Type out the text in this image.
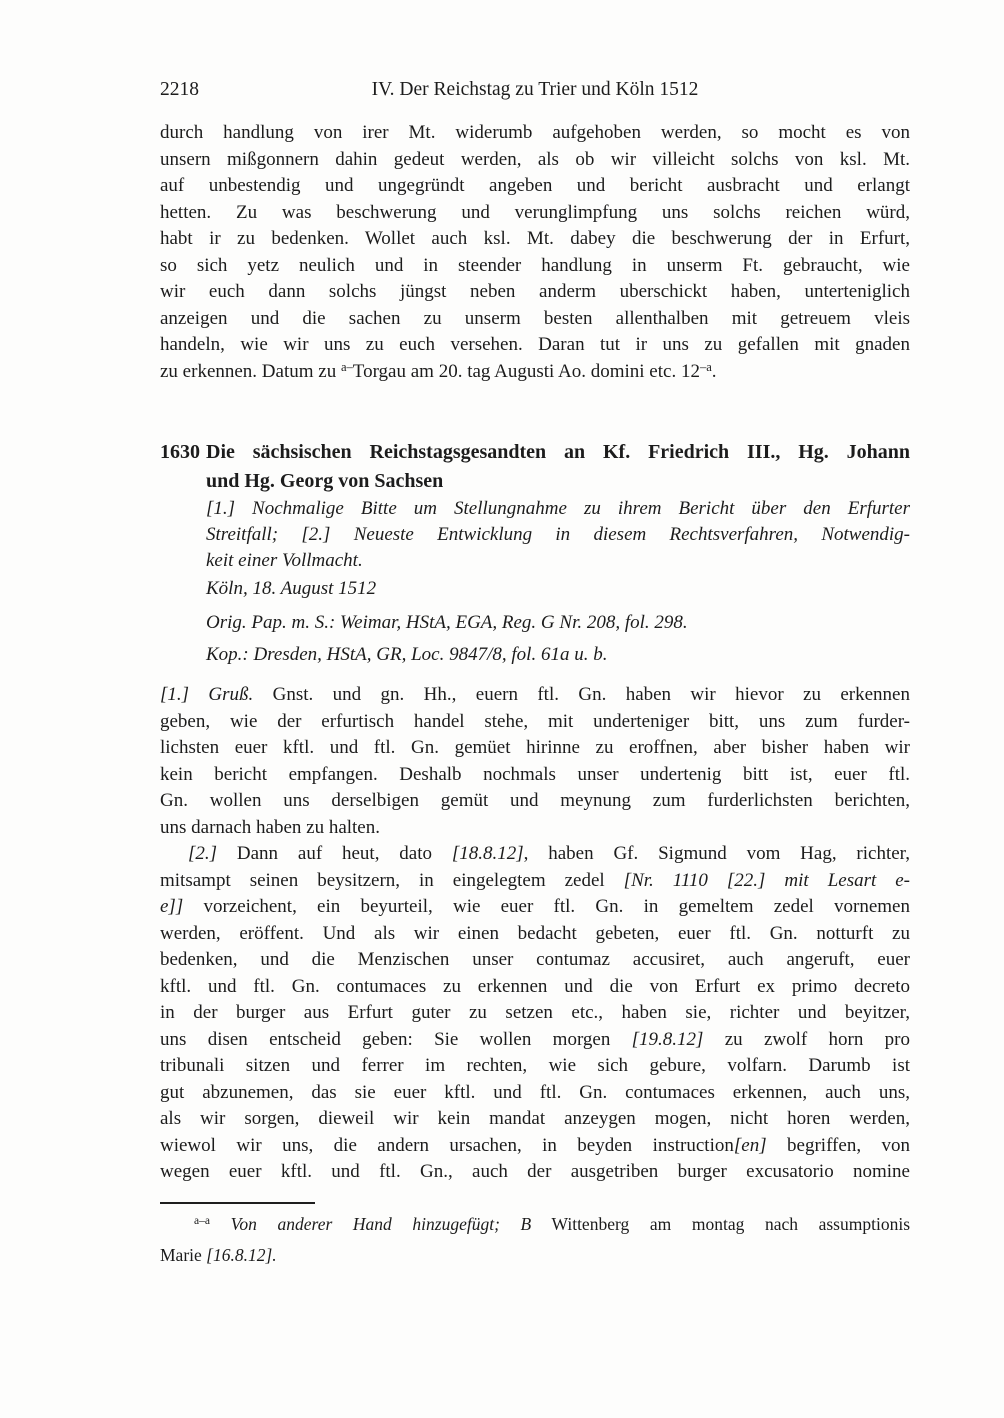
2218	IV. Der Reichstag zu Trier und Köln 1512
durch handlung von irer Mt. widerumb aufgehoben werden, so mocht es von
unsern mißgonnern dahin gedeut werden, als ob wir villeicht solchs von ksl. Mt.
auf unbestendig und ungegründt angeben und bericht ausbracht und erlangt
hetten. Zu was beschwerung und verunglimpfung uns solchs reichen würd,
habt ir zu bedenken. Wollet auch ksl. Mt. dabey die beschwerung der in Erfurt,
so sich yetz neulich und in steender handlung in unserm Ft. gebraucht, wie
wir euch dann solchs jüngst neben anderm uberschickt haben, unterteniglich
anzeigen und die sachen zu unserm besten allenthalben mit getreuem vleis
handeln, wie wir uns zu euch versehen. Daran tut ir uns zu gefallen mit gnaden
zu erkennen. Datum zu $^{a-}$Torgau am 20. tag Augusti Ao. domini etc. $12^{-a}$.
1630 Die sächsischen Reichstagsgesandten an Kf. Friedrich III., Hg. Johann
und Hg. Georg von Sachsen
[1.] Nochmalige Bitte um Stellungnahme zu ihrem Bericht über den Erfurter
Streitfall; [2.] Neueste Entwicklung in diesem Rechtsverfahren, Notwendig-
keit einer Vollmacht.
Köln, 18. August 1512
Orig. Pap. m. S.: Weimar, HStA, EGA, Reg. G Nr. 208, fol. 298.
Kop.: Dresden, HStA, GR, Loc. 9847/8, fol. 61a u. b.
[1.] Gruß. Gnst. und gn. Hh., euern ftl. Gn. haben wir hievor zu erkennen
geben, wie der erfurtisch handel stehe, mit underteniger bitt, uns zum furder-
lichsten euer kftl. und ftl. Gn. gemüet hirinne zu eroffnen, aber bisher haben wir
kein bericht empfangen. Deshalb nochmals unser undertenig bitt ist, euer ftl.
Gn. wollen uns derselbigen gemüt und meynung zum furderlichsten berichten,
uns darnach haben zu halten.
[2.] Dann auf heut, dato [18.8.12], haben Gf. Sigmund vom Hag, richter,
mitsampt seinen beysitzern, in eingelegtem zedel [Nr. 1110 [22.] mit Lesart e-
e]] vorzeichent, ein beyurteil, wie euer ftl. Gn. in gemeltem zedel vornemen
werden, eröffent. Und als wir einen bedacht gebeten, euer ftl. Gn. notturft zu
bedenken, und die Menzischen unser contumaz accusiret, auch angeruft, euer
kftl. und ftl. Gn. contumaces zu erkennen und die von Erfurt ex primo decreto
in der burger aus Erfurt guter zu setzen etc., haben sie, richter und beyitzer,
uns disen entscheid geben: Sie wollen morgen [19.8.12] zu zwolf horn pro
tribunali sitzen und ferrer im rechten, wie sich gebure, volfarn. Darumb ist
gut abzunemen, das sie euer kftl. und ftl. Gn. contumaces erkennen, auch uns,
als wir sorgen, dieweil wir kein mandat anzeygen mogen, nicht horen werden,
wiewol wir uns, die andern ursachen, in beyden instruction[en] begriffen, von
wegen euer kftl. und ftl. Gn., auch der ausgetriben burger excusatorio nomine
$^{a-a}$ Von anderer Hand hinzugefügt; B Wittenberg am montag nach assumptionis
Marie [16.8.12].
